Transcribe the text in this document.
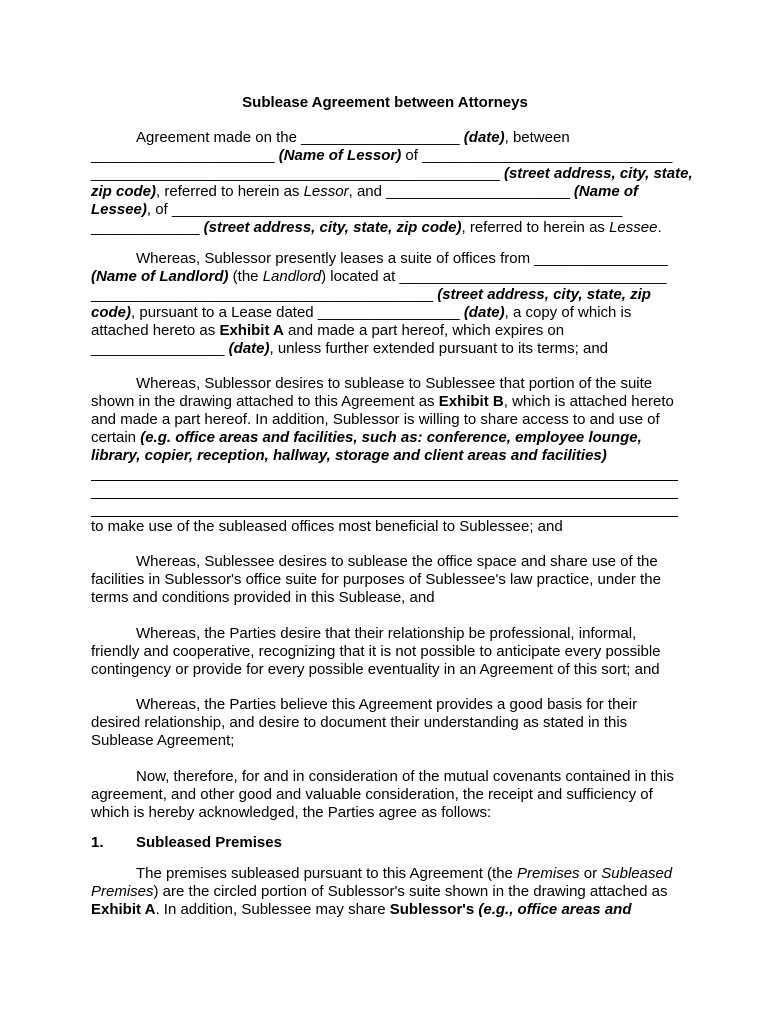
Sublease Agreement between Attorneys
Agreement made on the ___________________ (date), between
______________________ (Name of Lessor) of ______________________________
_________________________________________________ (street address, city, state,
zip code), referred to herein as Lessor, and ______________________ (Name of
Lessee), of ______________________________________________________
_____________ (street address, city, state, zip code), referred to herein as Lessee.
Whereas, Sublessor presently leases a suite of offices from ________________
(Name of Landlord) (the Landlord) located at ________________________________
_________________________________________ (street address, city, state, zip
code), pursuant to a Lease dated _________________ (date), a copy of which is
attached hereto as Exhibit A and made a part hereof, which expires on
________________ (date), unless further extended pursuant to its terms; and
Whereas, Sublessor desires to sublease to Sublessee that portion of the suite
shown in the drawing attached to this Agreement as Exhibit B, which is attached hereto
and made a part hereof. In addition, Sublessor is willing to share access to and use of
certain (e.g. office areas and facilities, such as: conference, employee lounge,
library, copier, reception, hallway, storage and client areas and facilities)
to make use of the subleased offices most beneficial to Sublessee; and
Whereas, Sublessee desires to sublease the office space and share use of the
facilities in Sublessor's office suite for purposes of Sublessee's law practice, under the
terms and conditions provided in this Sublease, and
Whereas, the Parties desire that their relationship be professional, informal,
friendly and cooperative, recognizing that it is not possible to anticipate every possible
contingency or provide for every possible eventuality in an Agreement of this sort; and
Whereas, the Parties believe this Agreement provides a good basis for their
desired relationship, and desire to document their understanding as stated in this
Sublease Agreement;
Now, therefore, for and in consideration of the mutual covenants contained in this
agreement, and other good and valuable consideration, the receipt and sufficiency of
which is hereby acknowledged, the Parties agree as follows:
1. Subleased Premises
The premises subleased pursuant to this Agreement (the Premises or Subleased
Premises) are the circled portion of Sublessor's suite shown in the drawing attached as
Exhibit A. In addition, Sublessee may share Sublessor's (e.g., office areas and
